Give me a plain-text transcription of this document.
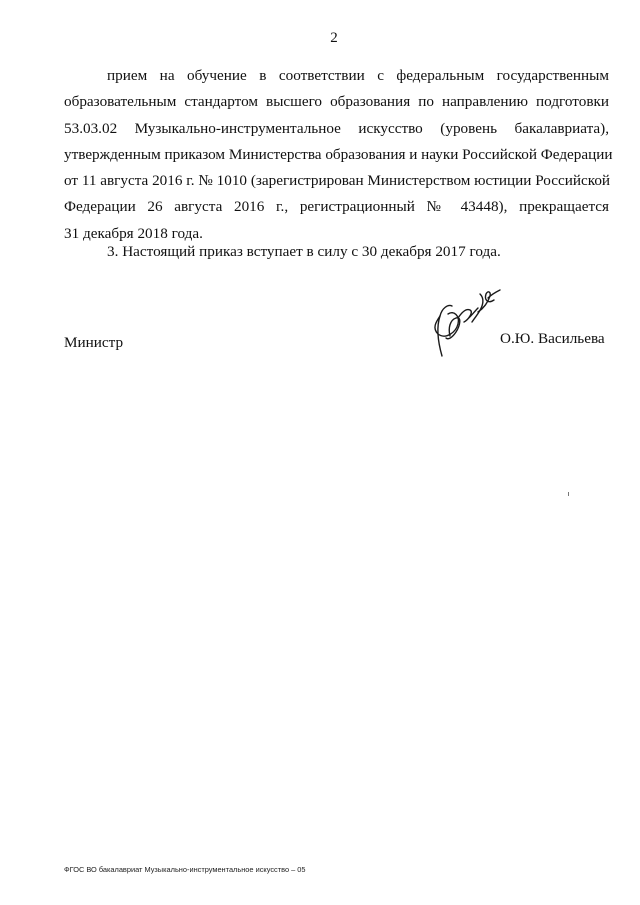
2
прием на обучение в соответствии с федеральным государственным
образовательным стандартом высшего образования по направлению подготовки
53.03.02 Музыкально-инструментальное искусство (уровень бакалавриата),
утвержденным приказом Министерства образования и науки Российской Федерации
от 11 августа 2016 г. № 1010 (зарегистрирован Министерством юстиции Российской
Федерации 26 августа 2016 г., регистрационный № 43448), прекращается
31 декабря 2018 года.
3. Настоящий приказ вступает в силу с 30 декабря 2017 года.
Министр	О.Ю. Васильева
ФГОС ВО бакалавриат Музыкально-инструментальное искусство – 05
